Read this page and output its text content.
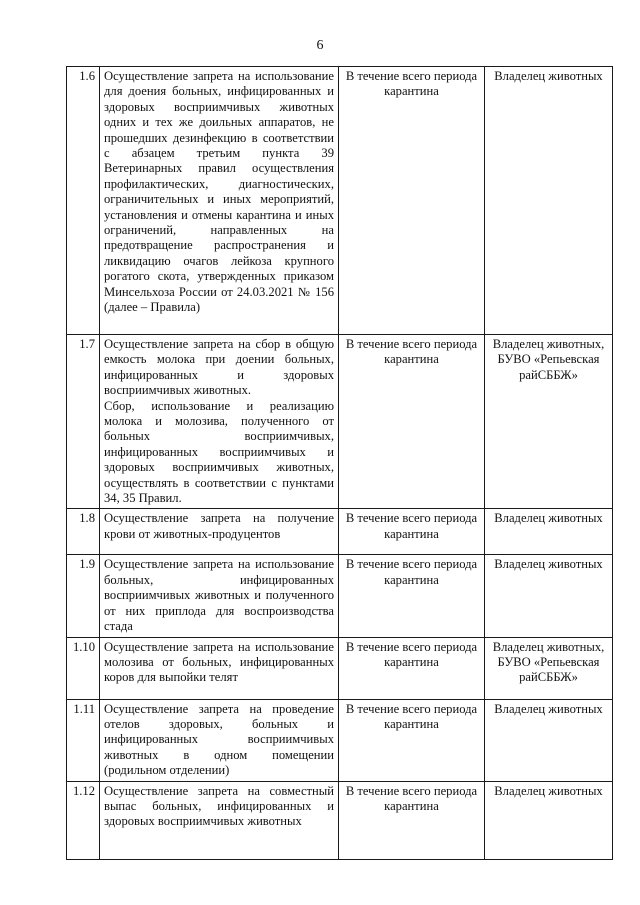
6
1.6	Осуществление запрета на использование для доения больных, инфицированных и здоровых восприимчивых животных одних и тех же доильных аппаратов, не прошедших дезинфекцию в соответствии с абзацем третьим пункта 39 Ветеринарных правил осуществления профилактических, диагностических, ограничительных и иных мероприятий, установления и отмены карантина и иных ограничений, направленных на предотвращение распространения и ликвидацию очагов лейкоза крупного рогатого скота, утвержденных приказом Минсельхоза России от 24.03.2021 № 156 (далее – Правила)	В течение всего периода карантина	Владелец животных
1.7	Осуществление запрета на сбор в общую емкость молока при доении больных, инфицированных и здоровых восприимчивых животных.
Сбор, использование и реализацию молока и молозива, полученного от больных восприимчивых, инфицированных восприимчивых и здоровых восприимчивых животных, осуществлять в соответствии с пунктами 34, 35 Правил.	В течение всего периода карантина	Владелец животных, БУВО «Репьевская райСББЖ»
1.8	Осуществление запрета на получение крови от животных-продуцентов	В течение всего периода карантина	Владелец животных
1.9	Осуществление запрета на использование больных, инфицированных восприимчивых животных и полученного от них приплода для воспроизводства стада	В течение всего периода карантина	Владелец животных
1.10	Осуществление запрета на использование молозива от больных, инфицированных коров для выпойки телят	В течение всего периода карантина	Владелец животных, БУВО «Репьевская райСББЖ»
1.11	Осуществление запрета на проведение отелов здоровых, больных и инфицированных восприимчивых животных в одном помещении (родильном отделении)	В течение всего периода карантина	Владелец животных
1.12	Осуществление запрета на совместный выпас больных, инфицированных и здоровых восприимчивых животных	В течение всего периода карантина	Владелец животных
